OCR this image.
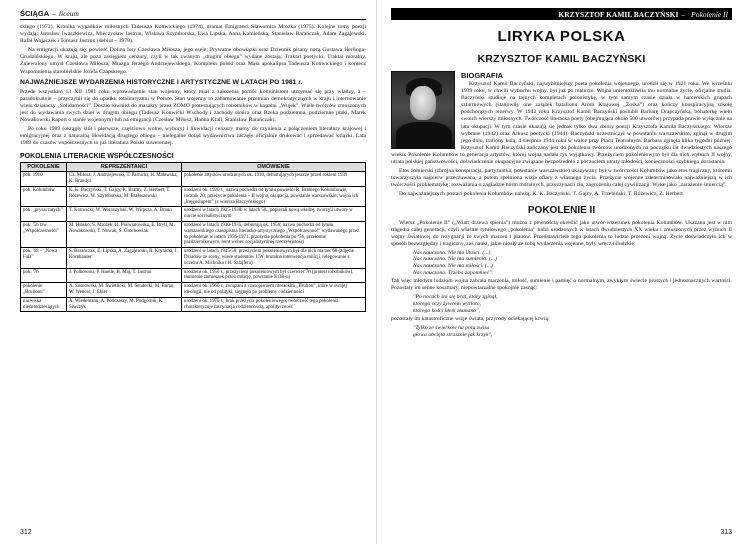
ŚCIĄGA – liceum

skiego (1973), Kronika wypadków miłosnych Tadeusza Konwickiego (1974), dramat Emigranci Sławomira Mrożka (1975). Kolejne tomy poezji wydają: Jarosław Iwaszkiewicz, Mieczysław Jastrun, Wisława Szymborska, Ewa Lipska, Anna Kamieńska, Stanisław Barańczak, Adam Zagajewski, Rafał Wojaczek i Tomasz Jastrun (debiut – 1978).

Na emigracji ukazują się: powieść Dolina Issy Czesława Miłosza, jego eseje; Prywatne obowiązki oraz Dziennik pisany nocą Gustawa Herlinga-Grudzińskiego. W kraju, ale poza zasięgiem cenzury, czyli w tak zwanym „drugim obiegu” wydane zostają: Traktat poetycki, Traktat moralny, Zniewolony umysł Czesława Miłosza, Miazga Jerzego Andrzejewskiego, Kompleks polski oraz Mała apokalipsa Tadeusza Konwickiego i kontecz Wspomnienia starobielskie Józefa Czapskiego.

NAJWAŻNIEJSZE WYDARZENIA HISTORYCZNE I ARTYSTYCZNE W LATACH PO 1981 r.

Przede wszystkim 13 XII 1981 roku wprowadzenie stan wojenny, który miał z założenia pomóc komunistom utrzymać się przy władzy, a – paradoksalnie – przyczynił się do upadku totalitaryzmu w Polsce. Stan wojenny to zahamowanie przemian demokratycznych w kraju i internowanie wielu działaczy „Solidarności”. Doszło również do masakry przez ZOMO protestujących robotników w kopalni „Wujek”. Wiele twórców zmuszonych jest do wydawania swych dzieł w drugim obiegu (Tadeusz Konwicki Wschody i zachody słońca oraz Rzeka podziemna, podziemne ptaki, Marek Nowakowski Raport o stanie wojennym) lub na emigracji (Czesław Miłosz, Hanna Krall, Stanisław Barańczak).

Po roku 1989 (okrągły stół i pierwsze, częściowo wolne, wybory) i likwidacji cenzury mamy do czynienia z połączeniem literatury krajowej i emigracyjnej oraz z naturalną likwidacją drugiego obiegu – nielegalne dotąd wydawnictwa zaczęły oficjalnie drukować i sprzedawać książki. Lata 1989 do czasów współczesnych to już literatura Polski suwerennej.

POKOLENIA LITERACKIE WSPÓŁCZESNOŚCI
POKOLENIE	REPREZENTANCI	OMÓWIENIE
pok. 1910	Cz. Miłosz, J. Andrzejewski, T. Parnicki, H. Malewska, K. Brandys	pokolenie artystów urodzonych ok. 1910, debiutujących jeszcze przed rokiem 1939
pok. Kolumbów	K. K. Baczyński, T. Gajcy, R. Bratny, Z. Herbert, T. Różewicz, W. Szymborska, M. Białoszewski	urodzeni ok. 1920 r., nazwa pochodzi od tytułu powieści R. Bratnego Kolumbowie, rocznik 20; przeżycie pokolenia – II wojna, okupacja, powstanie warszawskie; wojna ich „kręgosłupem” (z wiersza Baczyńskiego)
pok. „pryszczatych”	T. Konwicki, W. Woroszylski, W. Wirpsza, A. Braun	urodzeni w latach 1925-1930; w latach 50., popierali nową władzę, tworzyli utwory w nurcie socrealistycznym
pok. '56 tzw. „Współczesności”	M. Hłasko, S. Mrożek, H. Poświatowska, E. Bryll, M. Nowakowski, T. Nowak, S. Grochowiak	urodzeni w latach 1930-1935, debiutują ok. 1956; nazwa pochodzi od tytułu warszawskiego czasopisma literacko-artystycznego „Współczesność” wydawanego przez to pokolenie w latach 1956-1971; przeżycie pokolenia po ‘56, przełomie październikowym, bunt wobec socjalistycznej rzeczywistości
pok. '68 – „Nowa Fala”	S. Barańczak, E. Lipska, A. Zagajewski, R. Krynicki, J. Kornhauser	urodzeni w latach 1945-50, przeżyciem pokoleniowym był dla nich marzec'68 (zdjęcie Dziadów ze sceny, wiece studentów UW, brutalna interwencja milicji, relegowanie z uczelni A. Michnika i H. Szlajfera)
pok. '76	J. Polkowski, P. Huelle, B. Maj, T. Jastrun	urodzeni ok. 1950 r., przeżyciem pokoleniowym był czerwiec'76 (protest robotników), tłumienie zamieszek przez milicję, powstanie KOR-u)
pokolenie „Brulionu”	A. Sosnowski, M. Świetlicki, M. Sendecki, M. Baran, W. Wencel, J. Ekier	urodzeni ok. 1960 r., związani z czasopismem literackim „Brulion”, które w swojej ideologii, nie od polityki, sięgnęło po problemy codzienności
nazwiska niedemdziesiątych	A. Wiedemann, A. Podczaszy, M. Podgórnik, K. Siwczyk	urodzeni ok. 1970 r.; brak przeżycia pokoleniowego; twórczość tego pokolenia charakteryzuje fascynacja codziennością, apolityczność
312
KRZYSZTOF KAMIL BACZYŃSKI – Pokolenie II
LIRYKA POLSKA
KRZYSZTOF KAMIL BACZYŃSKI
BIOGRAFIA

Krzysztof Kamil Baczyński, najwybitniejszy poeta pokolenia wojennego, urodził się w 1921 roku. We wrześniu 1939 roku, w chwili wybuchu wojny, był już po maturze. Wojna uniemożliwiła mu normalne życie, oficjalne studia. Baczyński studiuje na tajnych kompletach polonistykę, w tym samym czasie działa w harcerskich grupach szturmowych (stanowiły one zalążek batalionu Armii Krajowej „Zośka”) oraz kończy konspiracyjną szkołę podchorążych rezerwy. W 1942 roku Krzysztof Kamil Baczyński poślubił Barbarę Drapczyńską, bohaterkę wielu swoich wierszy miłosnych. Twórczość literacka poety (obejmująca około 500 utworów) przypada prawie wyłącznie na lata okupacji. W tym czasie ukazują się jednak tylko dwa zbiory poezji Krzysztofa Kamila Baczyńskiego: Wiersze wybrane (1942) oraz Arkusz poetycki (1944). Baczyński uczestniczył w powstaniu warszawskim, zginął w drugim jego dniu, trafiony kulą, 4 sierpnia 1944 roku w walce przy Placu Teatralnym. Barbara zginęła kilka tygodni później. Krzysztof Kamil Baczyński zaliczany jest do pokolenia twórców urodzonych na początku lat dwudziestych naszego wieku. Pokolenie Kolumbów to generacja artystów, której wojna nadała rys wyjątkowy. Przeżyciem pokoleniowym był dla nich wybuch II wojny, utrata polskiej państwowości, doświadczenie okupacyjne związane bezpośrednio z poczuciem utraty młodości, konieczności szybkiego dorastania.

Etos żołnierski (zbrojna konspiracja, partyzantka, powstanie warszawskie) ukazywany był w twórczości Kolumbów jako etos tragiczny, któremu towarzyszyła najpierw przeczuwana, a potem spełniona wizja ofiary z własnego życia. Przeżycie wojenne zdeterminowało najważniejszą w ich twórczości problematykę: rozważania o zagładzie norm moralnych, przyczynach zła, zagrożeniu całej cywilizacji. Wyke jako „zarażenie śmiercią”.

Do najważniejszych postaci pokolenia Kolumbów należą: K. K. Baczyński. T. Gajcy, A. Trzebiński, T. Różewicz, Z. Herbert.

POKOLENIE II

Wiersz „Pokolenie II” („Wiatr drzewa spienia”) można z pewnością określić jako utwór-wizerunek pokolenia Kolumbów. Ukazano jest w nim tragedia całej generacji, czyli właśnie tytułowego „pokolenia” ludzi urodzonych w latach dwudziestych XX wieku i zmuszonych przez wybuch II wojny światowej do rezygnacji ze swych marzeń i planów. Przedstawiciele tego pokolenia to ludzie przeżeni wojną. Życie doświadczyło ich w sposób bezwzględny i tragiczny, zaś nauki, jakie niosły ze sobą wydarzenia wojenne, były wręcz niludzkie:

Nas nauczono. Nie ma litości. (...)
Nas nauczono. Nie ma sumienia. (...)
Nas nauczono. Nie ma miłości. (...)
Nas nauczono. Trzeba zapomnieć".

Tak więc młodym ludziom wojna zabrała marzenia, miłość, sumienie i pamięć o normalnym, zwykłym świecie prostych i jednoznacznych wartości. Pozostały im senne koszmary, niepowtarzalne spokojnie zasnąć:

"Po nocach śni się brat, który zginął,
którego oczy żywcem wyżłoto,
którego kości kłem złamano",

pozostały im katastroficzne wizje świata, przyrody ociekającej krwią:

"Tylko ze świerków na polu zwisa
głowa obcięta strasznie jak krzyk",
313
